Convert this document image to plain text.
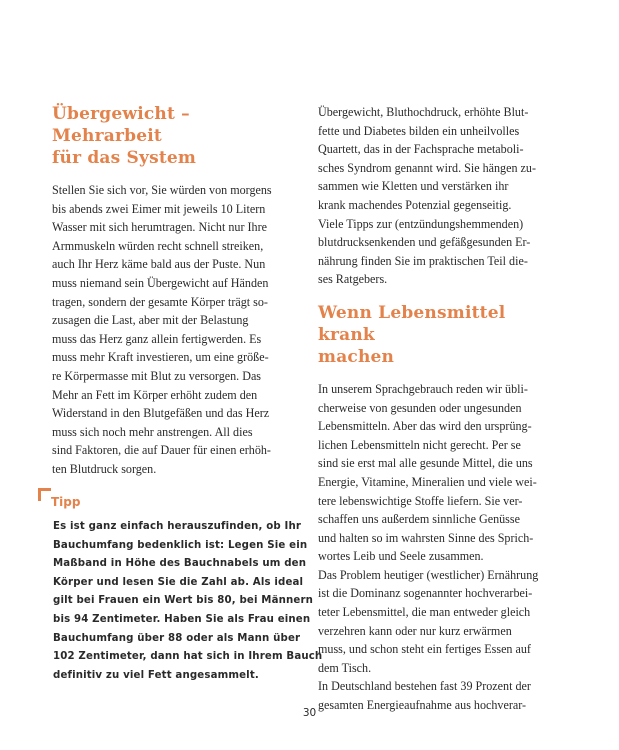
Übergewicht – Mehrarbeit
für das System
Stellen Sie sich vor, Sie würden von morgens
bis abends zwei Eimer mit jeweils 10 Litern
Wasser mit sich herumtragen. Nicht nur Ihre
Armmuskeln würden recht schnell streiken,
auch Ihr Herz käme bald aus der Puste. Nun
muss niemand sein Übergewicht auf Händen
tragen, sondern der gesamte Körper trägt so-
zusagen die Last, aber mit der Belastung
muss das Herz ganz allein fertigwerden. Es
muss mehr Kraft investieren, um eine größe-
re Körpermasse mit Blut zu versorgen. Das
Mehr an Fett im Körper erhöht zudem den
Widerstand in den Blutgefäßen und das Herz
muss sich noch mehr anstrengen. All dies
sind Faktoren, die auf Dauer für einen erhöh-
ten Blutdruck sorgen.
Tipp
Es ist ganz einfach herauszufinden, ob Ihr
Bauchumfang bedenklich ist: Legen Sie ein
Maßband in Höhe des Bauchnabels um den
Körper und lesen Sie die Zahl ab. Als ideal
gilt bei Frauen ein Wert bis 80, bei Männern
bis 94 Zentimeter. Haben Sie als Frau einen
Bauchumfang über 88 oder als Mann über
102 Zentimeter, dann hat sich in Ihrem Bauch
definitiv zu viel Fett angesammelt.
Übergewicht, Bluthochdruck, erhöhte Blut-
fette und Diabetes bilden ein unheilvolles
Quartett, das in der Fachsprache metaboli-
sches Syndrom genannt wird. Sie hängen zu-
sammen wie Kletten und verstärken ihr
krank machendes Potenzial gegenseitig.
Viele Tipps zur (entzündungshemmenden)
blutdrucksenkenden und gefäßgesunden Er-
nährung finden Sie im praktischen Teil die-
ses Ratgebers.
Wenn Lebensmittel krank
machen
In unserem Sprachgebrauch reden wir übli-
cherweise von gesunden oder ungesunden
Lebensmitteln. Aber das wird den ursprüng-
lichen Lebensmitteln nicht gerecht. Per se
sind sie erst mal alle gesunde Mittel, die uns
Energie, Vitamine, Mineralien und viele wei-
tere lebenswichtige Stoffe liefern. Sie ver-
schaffen uns außerdem sinnliche Genüsse
und halten so im wahrsten Sinne des Sprich-
wortes Leib und Seele zusammen.
Das Problem heutiger (westlicher) Ernährung
ist die Dominanz sogenannter hochverarbei-
teter Lebensmittel, die man entweder gleich
verzehren kann oder nur kurz erwärmen
muss, und schon steht ein fertiges Essen auf
dem Tisch.
In Deutschland bestehen fast 39 Prozent der
gesamten Energieaufnahme aus hochverar-
30
